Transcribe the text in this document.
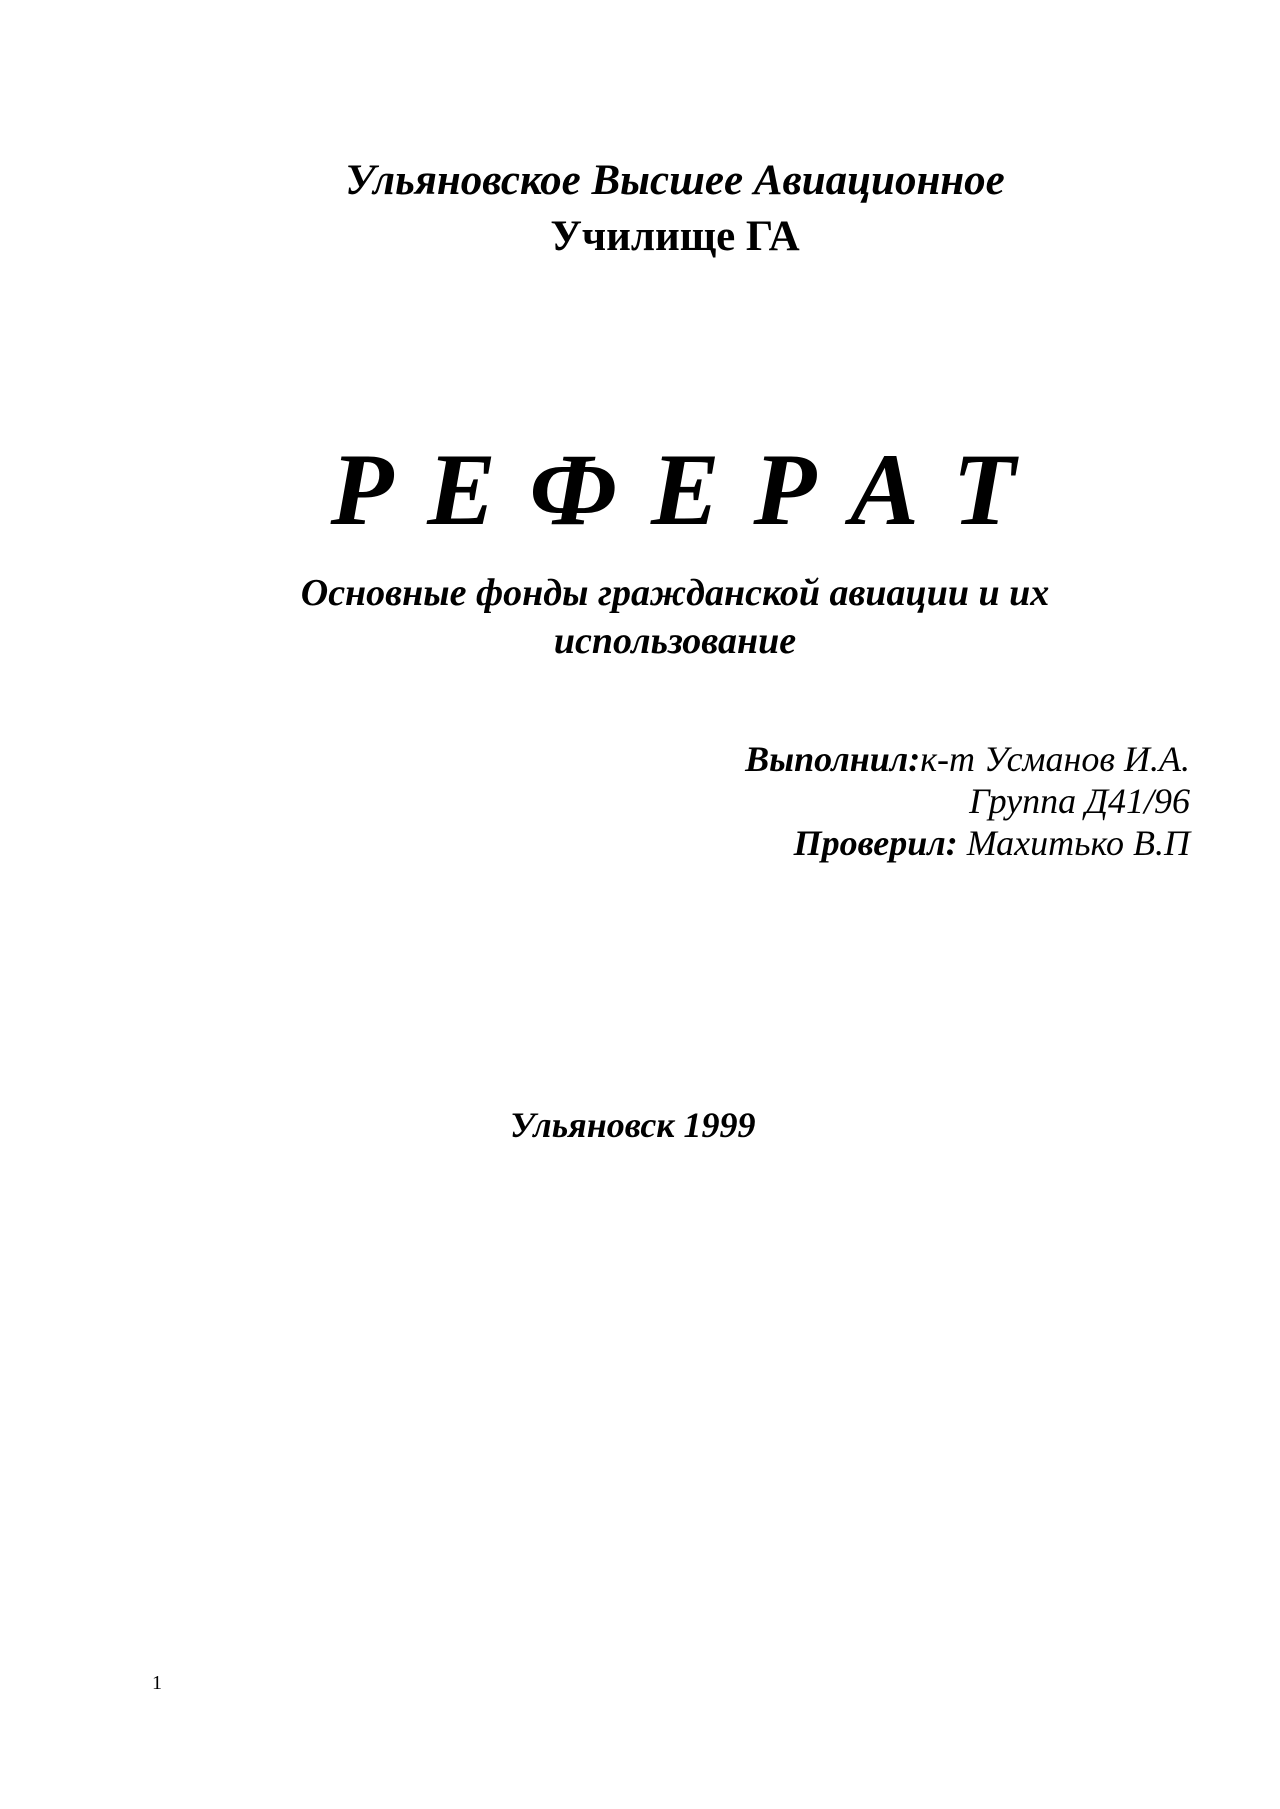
Ульяновское Высшее Авиационное
Училище ГА
Р Е Ф Е Р А Т
Основные фонды гражданской авиации и их
использование
Выполнил:к-т Усманов И.А.
Группа Д41/96
Проверил: Махитько В.П
Ульяновск 1999
1
